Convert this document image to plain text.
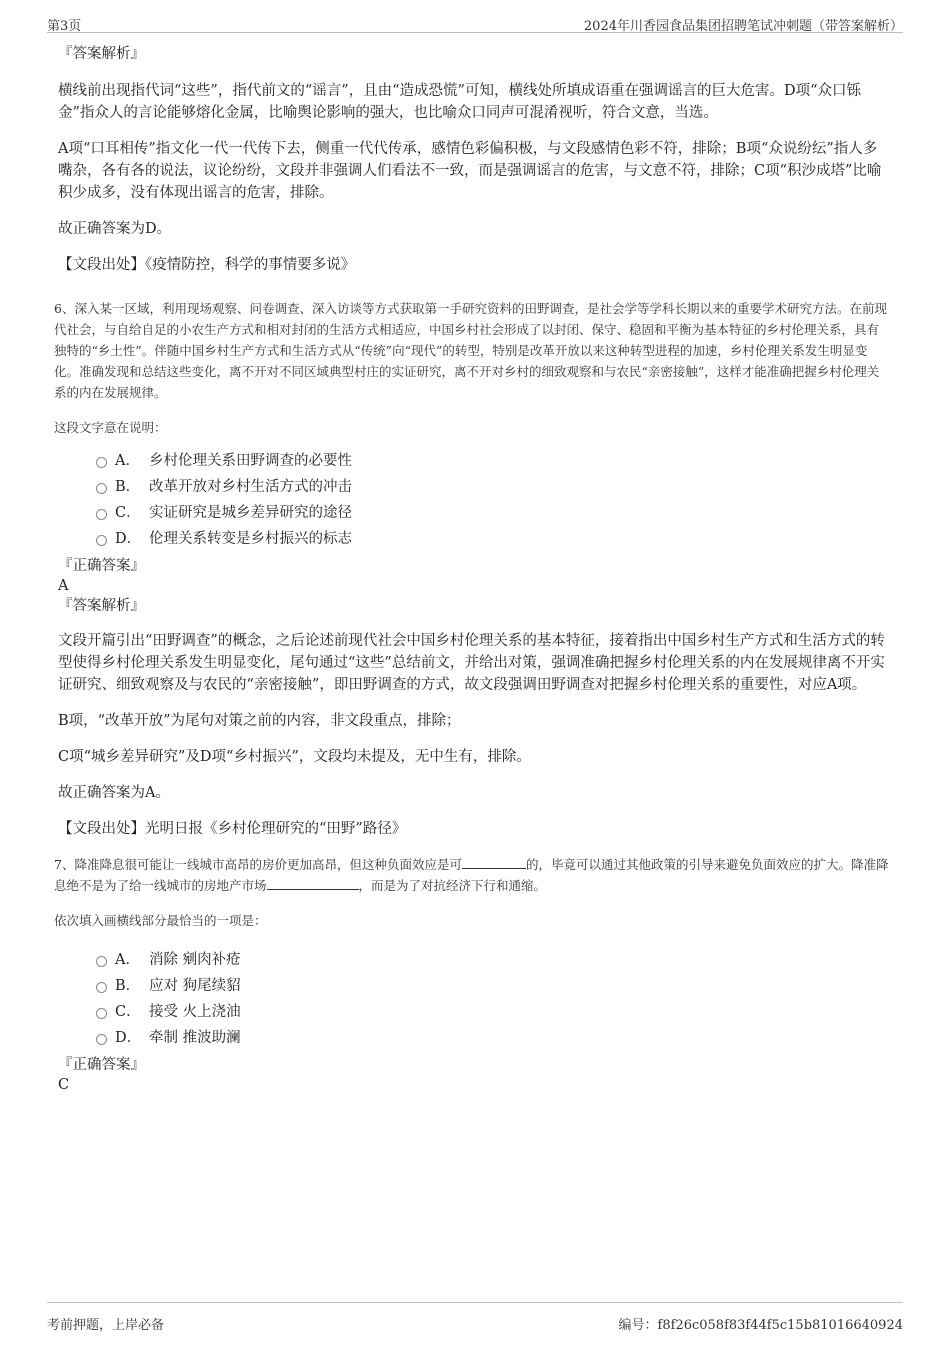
第3页	2024年川香园食品集团招聘笔试冲刺题（带答案解析）

『答案解析』

横线前出现指代词“这些”，指代前文的“谣言”，且由“造成恐慌”可知，横线处所填成语重在强调谣言的巨大危害。D项“众口铄金”指众人的言论能够熔化金属，比喻舆论影响的强大，也比喻众口同声可混淆视听，符合文意，当选。

A项“口耳相传”指文化一代一代传下去，侧重一代代传承，感情色彩偏积极，与文段感情色彩不符，排除；B项“众说纷纭”指人多嘴杂，各有各的说法，议论纷纷，文段并非强调人们看法不一致，而是强调谣言的危害，与文意不符，排除；C项“积沙成塔”比喻积少成多，没有体现出谣言的危害，排除。

故正确答案为D。

【文段出处】《疫情防控，科学的事情要多说》

6、深入某一区域，利用现场观察、问卷调查、深入访谈等方式获取第一手研究资料的田野调查，是社会学等学科长期以来的重要学术研究方法。在前现代社会，与自给自足的小农生产方式和相对封闭的生活方式相适应，中国乡村社会形成了以封闭、保守、稳固和平衡为基本特征的乡村伦理关系，具有独特的“乡土性”。伴随中国乡村生产方式和生活方式从“传统”向“现代”的转型，特别是改革开放以来这种转型进程的加速，乡村伦理关系发生明显变化。准确发现和总结这些变化，离不开对不同区域典型村庄的实证研究，离不开对乡村的细致观察和与农民“亲密接触”，这样才能准确把握乡村伦理关系的内在发展规律。

这段文字意在说明：

A． 乡村伦理关系田野调查的必要性
B． 改革开放对乡村生活方式的冲击
C． 实证研究是城乡差异研究的途径
D． 伦理关系转变是乡村振兴的标志

『正确答案』

A

『答案解析』

文段开篇引出“田野调查”的概念，之后论述前现代社会中国乡村伦理关系的基本特征，接着指出中国乡村生产方式和生活方式的转型使得乡村伦理关系发生明显变化，尾句通过“这些”总结前文，并给出对策，强调准确把握乡村伦理关系的内在发展规律离不开实证研究、细致观察及与农民的“亲密接触”，即田野调查的方式，故文段强调田野调查对把握乡村伦理关系的重要性，对应A项。

B项，“改革开放”为尾句对策之前的内容，非文段重点，排除；

C项“城乡差异研究”及D项“乡村振兴”，文段均未提及，无中生有，排除。

故正确答案为A。

【文段出处】光明日报《乡村伦理研究的“田野”路径》

7、降准降息很可能让一线城市高昂的房价更加高昂，但这种负面效应是可	的，毕竟可以通过其他政策的引导来避免负面效应的扩大。降准降息绝不是为了给一线城市的房地产市场	，而是为了对抗经济下行和通缩。

依次填入画横线部分最恰当的一项是：

A． 消除 剜肉补疮
B． 应对 狗尾续貂
C． 接受 火上浇油
D． 牵制 推波助澜

『正确答案』

C

考前押题，上岸必备	编号：f8f26c058f83f44f5c15b81016640924
